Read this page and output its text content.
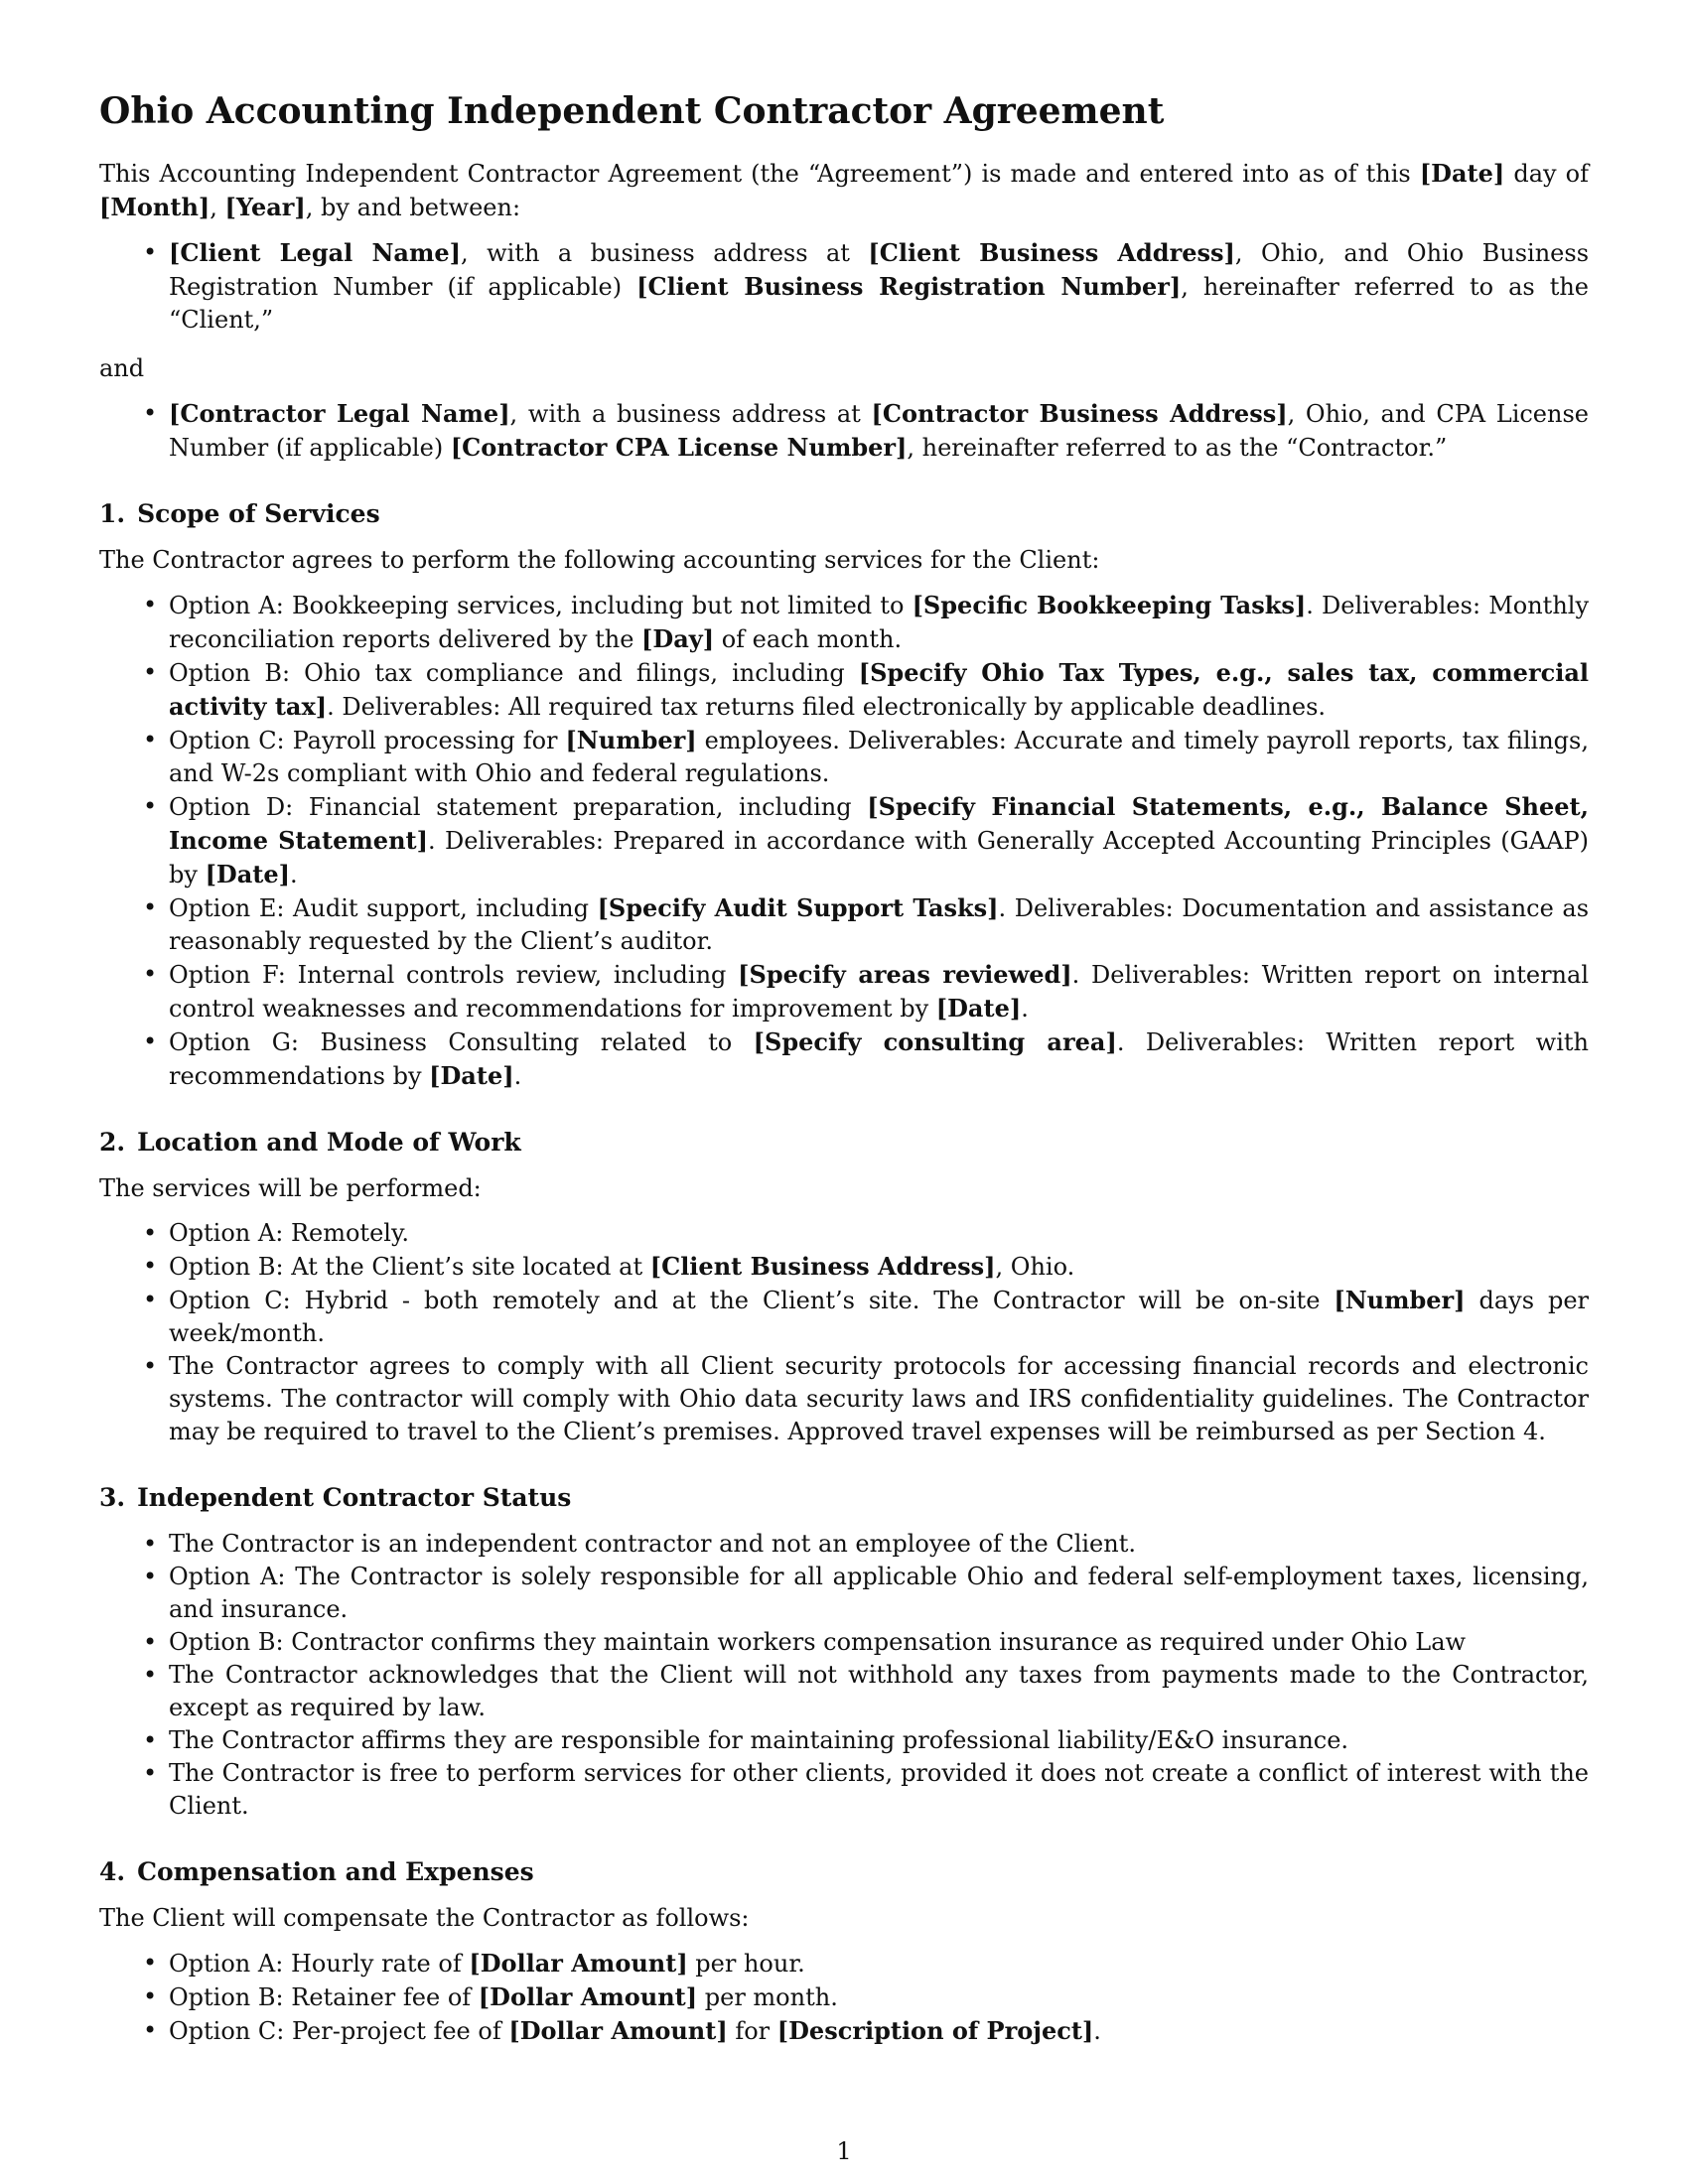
Ohio Accounting Independent Contractor Agreement

This Accounting Independent Contractor Agreement (the “Agreement”) is made and entered into as of this [Date] day of [Month], [Year], by and between:

• [Client Legal Name], with a business address at [Client Business Address], Ohio, and Ohio Business Registration Number (if applicable) [Client Business Registration Number], hereinafter referred to as the “Client,”

and

• [Contractor Legal Name], with a business address at [Contractor Business Address], Ohio, and CPA License Number (if applicable) [Contractor CPA License Number], hereinafter referred to as the “Contractor.”
1. Scope of Services

The Contractor agrees to perform the following accounting services for the Client:

• Option A: Bookkeeping services, including but not limited to [Specific Bookkeeping Tasks]. Deliverables: Monthly reconciliation reports delivered by the [Day] of each month.
• Option B: Ohio tax compliance and filings, including [Specify Ohio Tax Types, e.g., sales tax, commercial activity tax]. Deliverables: All required tax returns filed electronically by applicable deadlines.
• Option C: Payroll processing for [Number] employees. Deliverables: Accurate and timely payroll reports, tax filings, and W-2s compliant with Ohio and federal regulations.
• Option D: Financial statement preparation, including [Specify Financial Statements, e.g., Balance Sheet, Income Statement]. Deliverables: Prepared in accordance with Generally Accepted Accounting Principles (GAAP) by [Date].
• Option E: Audit support, including [Specify Audit Support Tasks]. Deliverables: Documentation and assistance as reasonably requested by the Client’s auditor.
• Option F: Internal controls review, including [Specify areas reviewed]. Deliverables: Written report on internal control weaknesses and recommendations for improvement by [Date].
• Option G: Business Consulting related to [Specify consulting area]. Deliverables: Written report with recommendations by [Date].
2. Location and Mode of Work

The services will be performed:

• Option A: Remotely.
• Option B: At the Client’s site located at [Client Business Address], Ohio.
• Option C: Hybrid - both remotely and at the Client’s site. The Contractor will be on-site [Number] days per week/month.
• The Contractor agrees to comply with all Client security protocols for accessing financial records and electronic systems. The contractor will comply with Ohio data security laws and IRS confidentiality guidelines. The Contractor may be required to travel to the Client’s premises. Approved travel expenses will be reimbursed as per Section 4.
3. Independent Contractor Status
• The Contractor is an independent contractor and not an employee of the Client.
• Option A: The Contractor is solely responsible for all applicable Ohio and federal self-employment taxes, licensing, and insurance.
• Option B: Contractor confirms they maintain workers compensation insurance as required under Ohio Law
• The Contractor acknowledges that the Client will not withhold any taxes from payments made to the Contractor, except as required by law.
• The Contractor affirms they are responsible for maintaining professional liability/E&O insurance.
• The Contractor is free to perform services for other clients, provided it does not create a conflict of interest with the Client.
4. Compensation and Expenses

The Client will compensate the Contractor as follows:

• Option A: Hourly rate of [Dollar Amount] per hour.
• Option B: Retainer fee of [Dollar Amount] per month.
• Option C: Per-project fee of [Dollar Amount] for [Description of Project].
1
